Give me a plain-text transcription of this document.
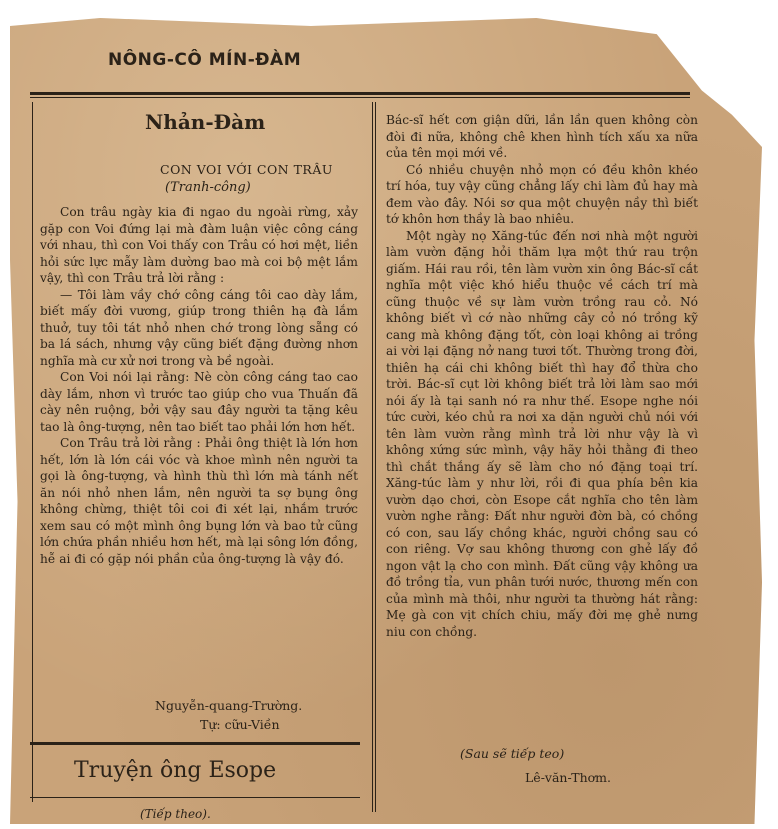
NÔNG-CÔ MÍN-ĐÀM
Nhản-Đàm
CON VOI VỚI CON TRÂU
(Tranh-công)

Con trâu ngày kia đi ngao du ngoài rừng, xảy gặp con Voi đứng lại mà đàm luận việc công cáng với nhau, thì con Voi thấy con Trâu có hơi mệt, liền hỏi sức lực mẫy làm dường bao mà coi bộ mệt lắm vậy, thì con Trâu trả lời rằng :

— Tôi làm vầy chớ công cáng tôi cao dày lắm, biết mấy đời vương, giúp trong thiên hạ đà lắm thuở, tuy tôi tát nhỏ nhen chớ trong lòng sẵng có ba lá sách, nhưng vậy cũng biết đặng đường nhơn nghĩa mà cư xử nơi trong và bề ngoài.

Con Voi nói lại rằng: Nè còn công cáng tao cao dày lắm, nhơn vì trước tao giúp cho vua Thuấn đã cày nên ruộng, bởi vậy sau đây người ta tặng kêu tao là ông-tượng, nên tao biết tao phải lớn hơn hết.

Con Trâu trả lời rằng : Phải ông thiệt là lớn hơn hết, lớn là lớn cái vóc và khoe mình nên người ta gọi là ông-tượng, và hình thù thì lớn mà tánh nết ăn nói nhỏ nhen lắm, nên người ta sợ bụng ông không chừng, thiệt tôi coi đi xét lại, nhắm trước xem sau có một mình ông bụng lớn và bao tử cũng lớn chứa phần nhiều hơn hết, mà lại sông lớn đồng, hễ ai đi có gặp nói phần của ông-tượng là vậy đó.

Nguyễn-quang-Trường.
Tự: cữu-Viền
Truyện ông Esope
(Tiếp theo).

Bác-sĩ hết cơn giận dữi, lần lần quen không còn đòi đi nữa, không chê khen hình tích xấu xa nữa của tên mọi mới về.

Có nhiều chuyện nhỏ mọn có đều khôn khéo trí hóa, tuy vậy cũng chẳng lấy chi làm đủ hay mà đem vào đây. Nói sơ qua một chuyện nầy thì biết tớ khôn hơn thầy là bao nhiêu.

Một ngày nọ Xăng-túc đến nơi nhà một người làm vườn đặng hỏi thăm lựa một thứ rau trộn giấm. Hái rau rồi, tên làm vườn xin ông Bác-sĩ cắt nghĩa một việc khó hiểu thuộc về cách trí mà cũng thuộc về sự làm vườn trồng rau cỏ. Nó không biết vì cớ nào những cây cỏ nó trồng kỹ cang mà không đặng tốt, còn loại không ai trồng ai vời lại đặng nở nang tươi tốt. Thường trong đời, thiên hạ cái chi không biết thì hay đổ thừa cho trời. Bác-sĩ cụt lời không biết trả lời làm sao mới nói ấy là tại sanh nó ra như thế. Esope nghe nói tức cười, kéo chủ ra nơi xa dặn người chủ nói với tên làm vườn rằng mình trả lời như vậy là vì không xứng sức mình, vậy hãy hỏi thằng đi theo thì chắt thắng ấy sẽ làm cho nó đặng toại trí. Xăng-túc làm y như lời, rồi đi qua phía bên kia vườn dạo chơi, còn Esope cắt nghĩa cho tên làm vườn nghe rằng: Đất như người đờn bà, có chồng có con, sau lấy chồng khác, người chồng sau có con riêng. Vợ sau không thương con ghẻ lấy đồ ngon vật lạ cho con mình. Đất cũng vậy không ưa đồ trồng tỉa, vun phân tưới nước, thương mến con của mình mà thôi, như người ta thường hát rằng: Mẹ gà con vịt chích chiu, mấy đời mẹ ghẻ nưng niu con chồng.

(Sau sẽ tiếp teo)
Lê-văn-Thơm.
